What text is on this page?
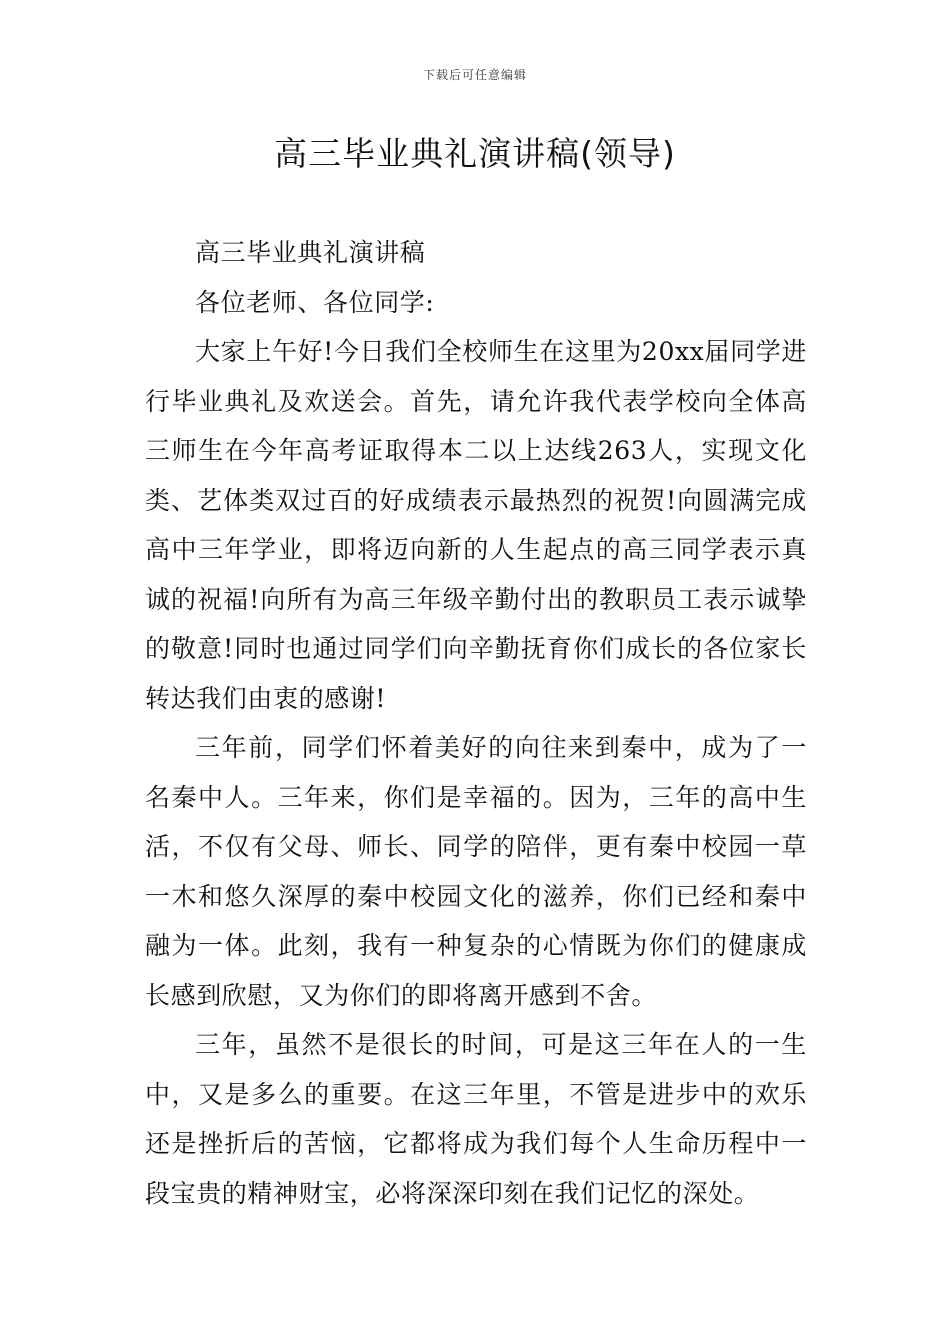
下载后可任意编辑
高三毕业典礼演讲稿(领导)

高三毕业典礼演讲稿

各位老师、各位同学:

大家上午好!今日我们全校师生在这里为20xx届同学进行毕业典礼及欢送会。首先，请允许我代表学校向全体高三师生在今年高考证取得本二以上达线263人，实现文化类、艺体类双过百的好成绩表示最热烈的祝贺!向圆满完成高中三年学业，即将迈向新的人生起点的高三同学表示真诚的祝福!向所有为高三年级辛勤付出的教职员工表示诚挚的敬意!同时也通过同学们向辛勤抚育你们成长的各位家长转达我们由衷的感谢!

三年前，同学们怀着美好的向往来到秦中，成为了一名秦中人。三年来，你们是幸福的。因为，三年的高中生活，不仅有父母、师长、同学的陪伴，更有秦中校园一草一木和悠久深厚的秦中校园文化的滋养，你们已经和秦中融为一体。此刻，我有一种复杂的心情既为你们的健康成长感到欣慰，又为你们的即将离开感到不舍。

三年，虽然不是很长的时间，可是这三年在人的一生中，又是多么的重要。在这三年里，不管是进步中的欢乐还是挫折后的苦恼，它都将成为我们每个人生命历程中一段宝贵的精神财宝，必将深深印刻在我们记忆的深处。
